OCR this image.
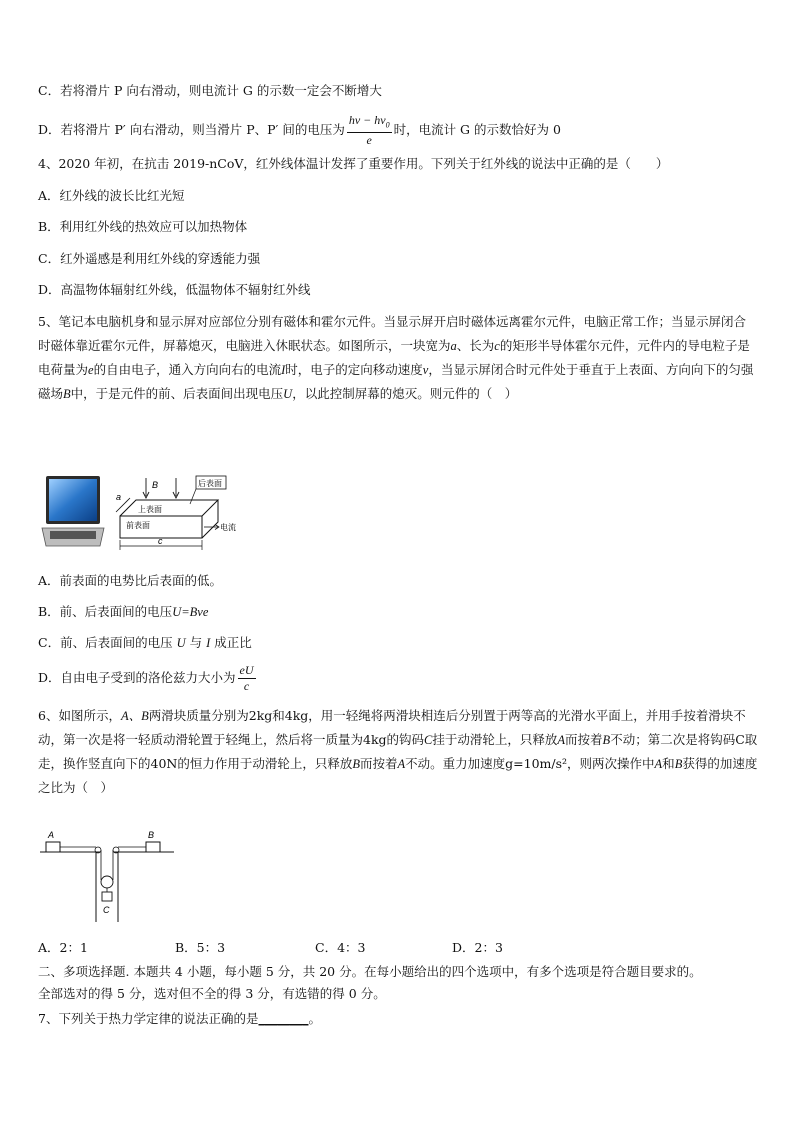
C．若将滑片 P 向右滑动，则电流计 G 的示数一定会不断增大
D．若将滑片 P′ 向右滑动，则当滑片 P、P′ 间的电压为 $\frac{h\nu - h\nu_0}{e}$ 时，电流计 G 的示数恰好为 0
4、2020 年初，在抗击 2019-nCoV，红外线体温计发挥了重要作用。下列关于红外线的说法中正确的是（　　）
A．红外线的波长比红光短
B．利用红外线的热效应可以加热物体
C．红外遥感是利用红外线的穿透能力强
D．高温物体辐射红外线，低温物体不辐射红外线
5、笔记本电脑机身和显示屏对应部位分别有磁体和霍尔元件。当显示屏开启时磁体远离霍尔元件，电脑正常工作；当显示屏闭合时磁体靠近霍尔元件，屏幕熄灭，电脑进入休眠状态。如图所示，一块宽为a、长为c的矩形半导体霍尔元件，元件内的导电粒子是电荷量为e的自由电子，通入方向向右的电流I时，电子的定向移动速度v，当显示屏闭合时元件处于垂直于上表面、方向向下的匀强磁场B中，于是元件的前、后表面间出现电压U，以此控制屏幕的熄灭。则元件的（　）
a
B	后表面
上表面
前表面	电流
c
A．前表面的电势比后表面的低。
B．前、后表面间的电压U=Bve
C．前、后表面间的电压 U 与 I 成正比
D．自由电子受到的洛伦兹力大小为 $\frac{eU}{c}$
6、如图所示，A、B两滑块质量分别为2kg和4kg，用一轻绳将两滑块相连后分别置于两等高的光滑水平面上，并用手按着滑块不动，第一次是将一轻质动滑轮置于轻绳上，然后将一质量为4kg的钩码C挂于动滑轮上，只释放A而按着B不动；第二次是将钩码C取走，换作竖直向下的40N的恒力作用于动滑轮上，只释放B而按着A不动。重力加速度g=10m/s²，则两次操作中A和B获得的加速度之比为（　）
A	B
C
A．2：1	B．5：3	C．4：3	D．2：3
二、多项选择题. 本题共 4 小题，每小题 5 分，共 20 分。在每小题给出的四个选项中，有多个选项是符合题目要求的。
全部选对的得 5 分，选对但不全的得 3 分，有选错的得 0 分。
7、下列关于热力学定律的说法正确的是________。
